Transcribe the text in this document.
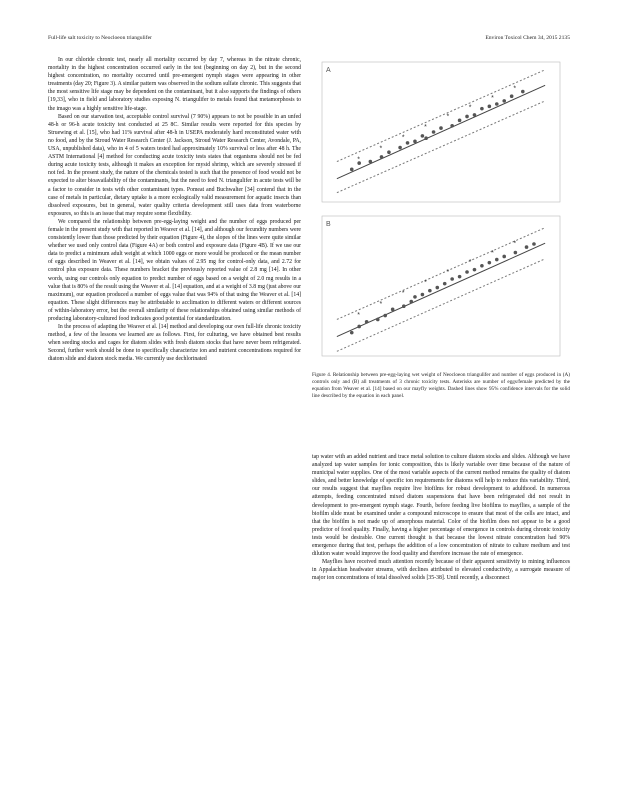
Full-life salt toxicity to Neocloeon triangulifer	Environ Toxicol Chem 34, 2015 2135

In our chloride chronic test, nearly all mortality occurred by day 7, whereas in the nitrate chronic, mortality in the highest concentration occurred early in the test (beginning on day 2), but in the second highest concentration, no mortality occurred until pre-emergent nymph stages were appearing in other treatments (day 20; Figure 3). A similar pattern was observed in the sodium sulfate chronic. This suggests that the most sensitive life stage may be dependent on the contaminant, but it also supports the findings of others [19,33], who in field and laboratory studies exposing N. triangulifer to metals found that metamorphosis to the imago was a highly sensitive life-stage.

Based on our starvation test, acceptable control survival (7 90%) appears to not be possible in an unfed 48-h or 96-h acute toxicity test conducted at 25 8C. Similar results were reported for this species by Struewing et al. [15], who had 11% survival after 48-h in USEPA moderately hard reconstituted water with no food, and by the Stroud Water Research Center (J. Jackson, Stroud Water Research Center, Avondale, PA, USA, unpublished data), who in 4 of 5 waters tested had approximately 10% survival or less after 48 h. The ASTM International [4] method for conducting acute toxicity tests states that organisms should not be fed during acute toxicity tests, although it makes an exception for mysid shrimp, which are severely stressed if not fed. In the present study, the nature of the chemicals tested is such that the presence of food would not be expected to alter bioavailability of the contaminants, but the need to feed N. triangulifer in acute tests will be a factor to consider in tests with other contaminant types. Pomeat and Buchwalter [34] contend that in the case of metals in particular, dietary uptake is a more ecologically valid measurement for aquatic insects than dissolved exposures, but in general, water quality criteria development still uses data from waterborne exposures, so this is an issue that may require some flexibility.

We compared the relationship between pre-egg-laying weight and the number of eggs produced per female in the present study with that reported in Weaver et al. [14], and although our fecundity numbers were consistently lower than those predicted by their equation (Figure 4), the slopes of the lines were quite similar whether we used only control data (Figure 4A) or both control and exposure data (Figure 4B). If we use our data to predict a minimum adult weight at which 1000 eggs or more would be produced or the mean number of eggs described in Weaver et al. [14], we obtain values of 2.95 mg for control-only data, and 2.72 for control plus exposure data. These numbers bracket the previously reported value of 2.8 mg [14]. In other words, using our controls only equation to predict number of eggs based on a weight of 2.0 mg results in a value that is 80% of the result using the Weaver et al. [14] equation, and at a weight of 3.8 mg (just above our maximum), our equation produced a number of eggs value that was 94% of that using the Weaver et al. [14] equation. These slight differences may be attributable to acclimation to different waters or different sources of within-laboratory error, but the overall similarity of these relationships obtained using similar methods of producing laboratory-cultured food indicates good potential for standardization.

In the process of adapting the Weaver et al. [14] method and developing our own full-life chronic toxicity method, a few of the lessons we learned are as follows. First, for culturing, we have obtained best results when seeding stocks and cages for diatom slides with fresh diatom stocks that have never been refrigerated. Second, further work should be done to specifically characterize ion and nutrient concentrations required for diatom slide and diatom stock media. We currently use dechlorinated

A
*
*
*
*
*
*
*
*
B
*
*
*
*
*
*
*
*
Figure 4. Relationship between pre-egg-laying wet weight of Neocloeon triangulifer and number of eggs produced in (A) controls only and (B) all treatments of 3 chronic toxicity tests. Asterisks are number of eggs/female predicted by the equation from Weaver et al. [14] based on our mayfly weights. Dashed lines show 95% confidence intervals for the solid line described by the equation in each panel.

tap water with an added nutrient and trace metal solution to culture diatom stocks and slides. Although we have analyzed tap water samples for ionic composition, this is likely variable over time because of the nature of municipal water supplies. One of the most variable aspects of the current method remains the quality of diatom slides, and better knowledge of specific ion requirements for diatoms will help to reduce this variability. Third, our results suggest that mayflies require live biofilms for robust development to adulthood. In numerous attempts, feeding concentrated mixed diatom suspensions that have been refrigerated did not result in development to pre-emergent nymph stage. Fourth, before feeding live biofilms to mayflies, a sample of the biofilm slide must be examined under a compound microscope to ensure that most of the cells are intact, and that the biofilm is not made up of amorphous material. Color of the biofilm does not appear to be a good predictor of food quality. Finally, having a higher percentage of emergence in controls during chronic toxicity tests would be desirable. One current thought is that because the lowest nitrate concentration had 90% emergence during that test, perhaps the addition of a low concentration of nitrate to culture medium and test dilution water would improve the food quality and therefore increase the rate of emergence.

Mayflies have received much attention recently because of their apparent sensitivity to mining influences in Appalachian headwater streams, with declines attributed to elevated conductivity, a surrogate measure of major ion concentrations of total dissolved solids [35-38]. Until recently, a disconnect
